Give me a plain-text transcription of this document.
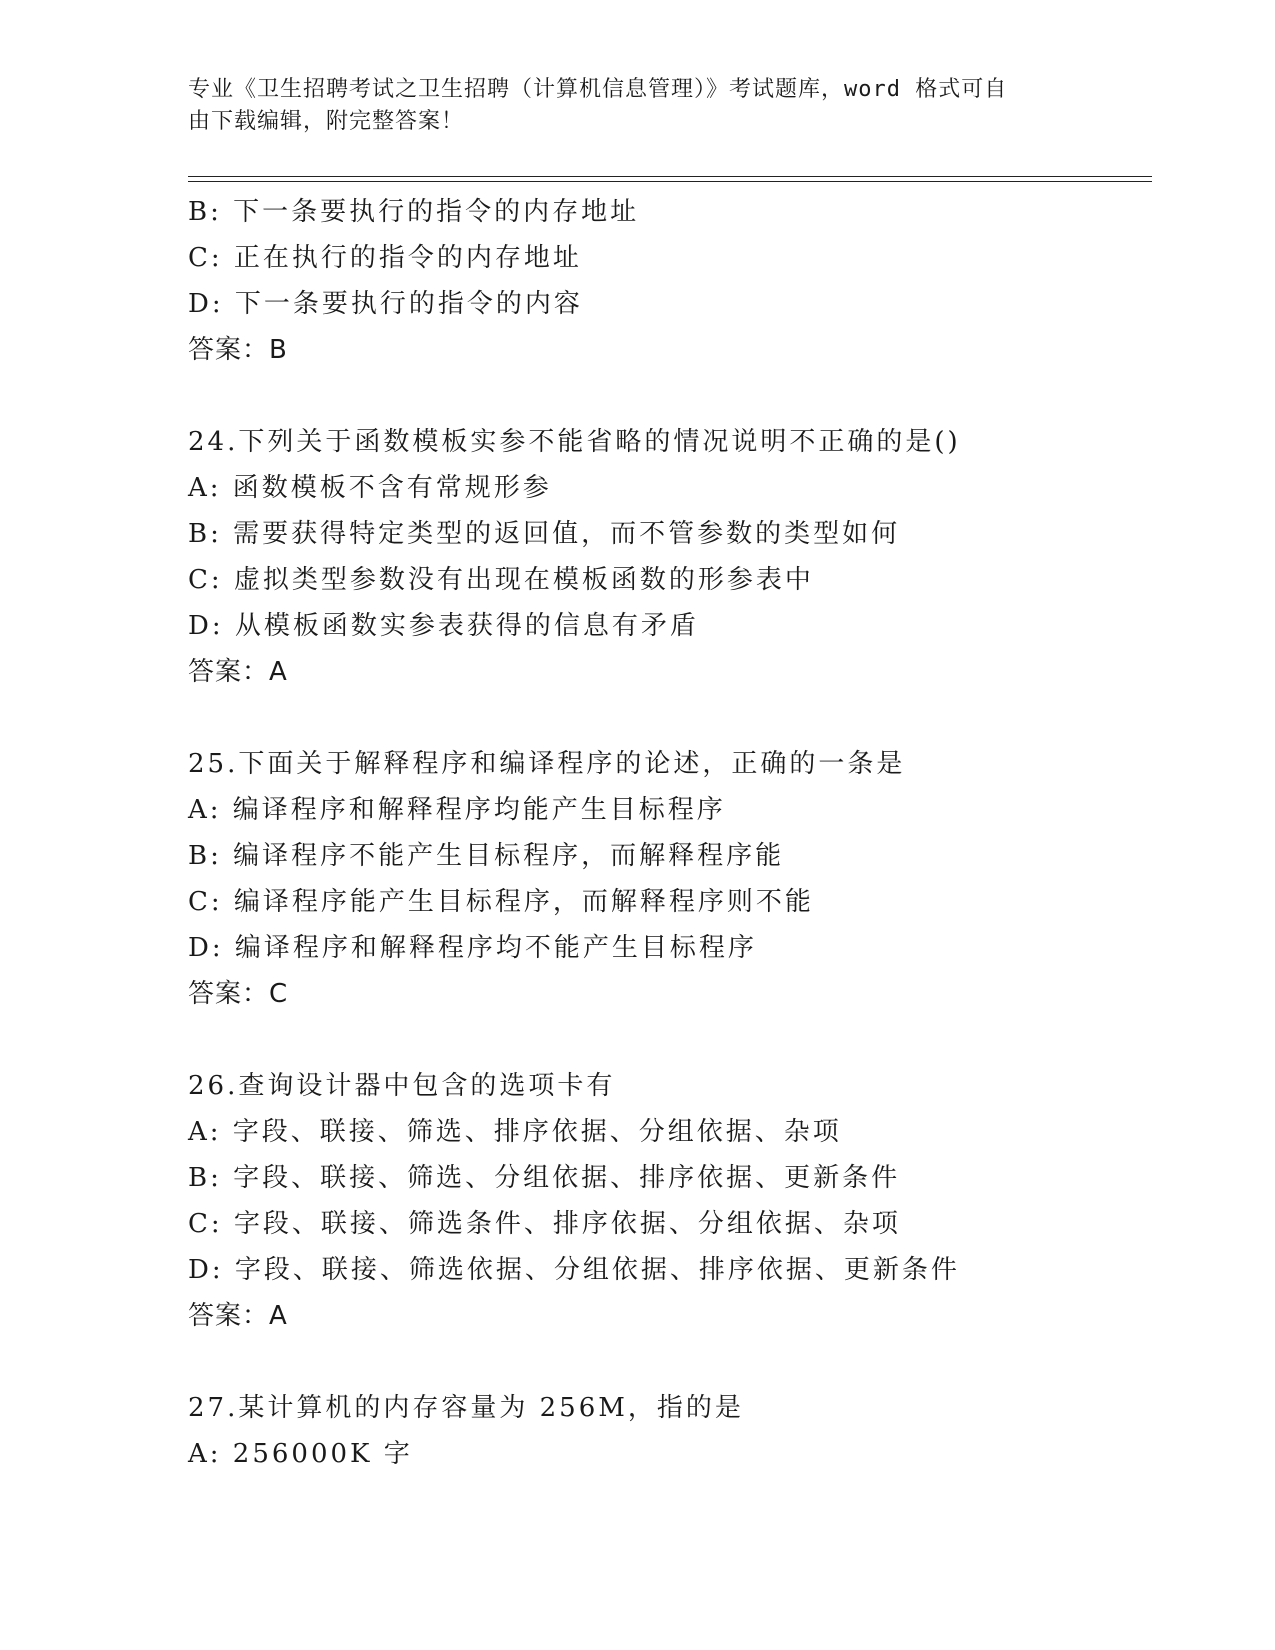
专业《卫生招聘考试之卫生招聘（计算机信息管理）》考试题库，word 格式可自

由下载编辑，附完整答案！

B: 下一条要执行的指令的内存地址
C: 正在执行的指令的内存地址
D: 下一条要执行的指令的内容
答案：B
24.下列关于函数模板实参不能省略的情况说明不正确的是()
A: 函数模板不含有常规形参
B: 需要获得特定类型的返回值，而不管参数的类型如何
C: 虚拟类型参数没有出现在模板函数的形参表中
D: 从模板函数实参表获得的信息有矛盾
答案：A
25.下面关于解释程序和编译程序的论述，正确的一条是
A: 编译程序和解释程序均能产生目标程序
B: 编译程序不能产生目标程序，而解释程序能
C: 编译程序能产生目标程序，而解释程序则不能
D: 编译程序和解释程序均不能产生目标程序
答案：C
26.查询设计器中包含的选项卡有
A: 字段、联接、筛选、排序依据、分组依据、杂项
B: 字段、联接、筛选、分组依据、排序依据、更新条件
C: 字段、联接、筛选条件、排序依据、分组依据、杂项
D: 字段、联接、筛选依据、分组依据、排序依据、更新条件
答案：A
27.某计算机的内存容量为 256M，指的是
A: 256000K 字
